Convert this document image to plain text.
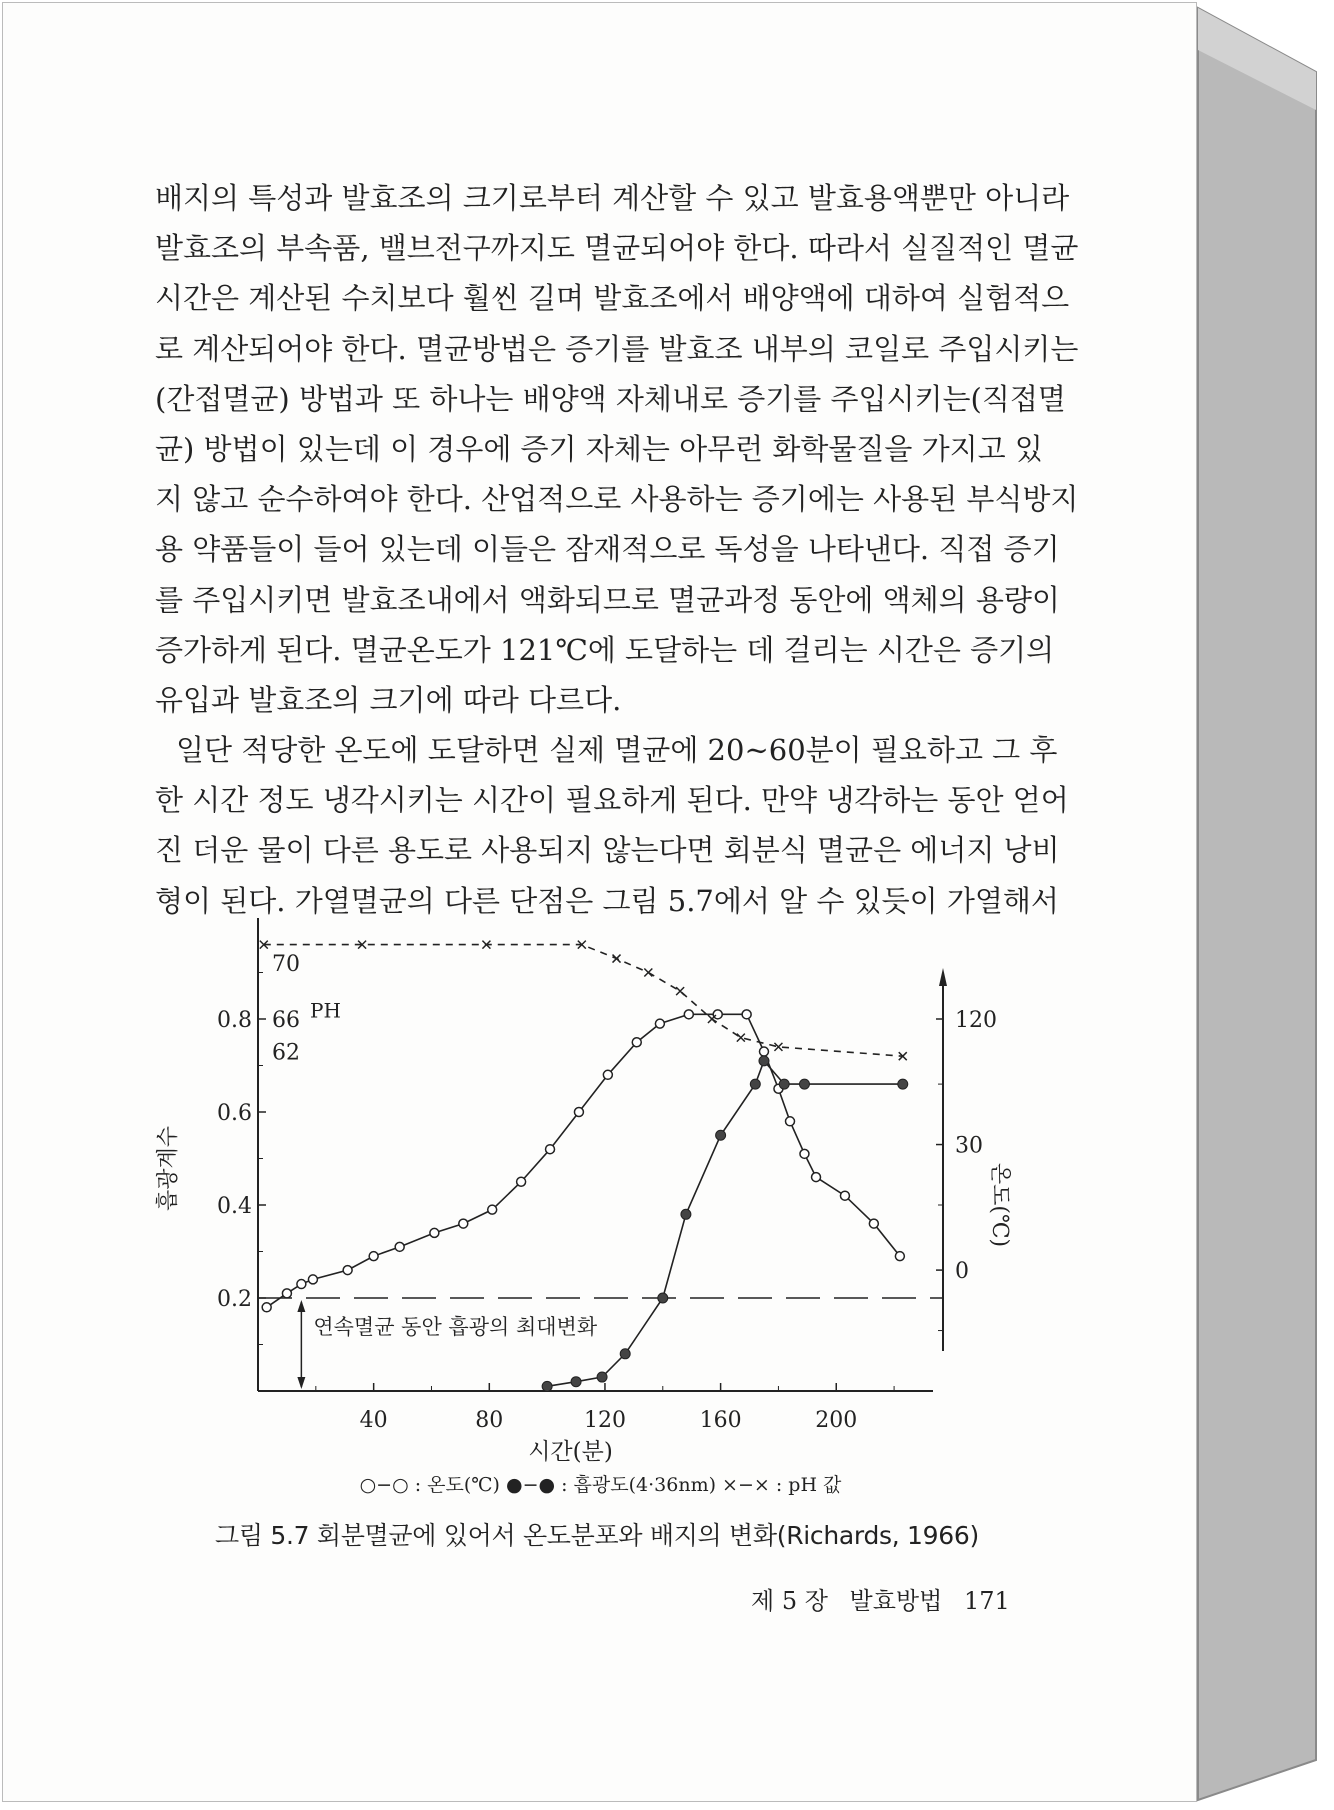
배지의 특성과 발효조의 크기로부터 계산할 수 있고 발효용액뿐만 아니라
발효조의 부속품, 밸브전구까지도 멸균되어야 한다. 따라서 실질적인 멸균
시간은 계산된 수치보다 훨씬 길며 발효조에서 배양액에 대하여 실험적으
로 계산되어야 한다. 멸균방법은 증기를 발효조 내부의 코일로 주입시키는
(간접멸균) 방법과 또 하나는 배양액 자체내로 증기를 주입시키는(직접멸
균) 방법이 있는데 이 경우에 증기 자체는 아무런 화학물질을 가지고 있
지 않고 순수하여야 한다. 산업적으로 사용하는 증기에는 사용된 부식방지
용 약품들이 들어 있는데 이들은 잠재적으로 독성을 나타낸다. 직접 증기
를 주입시키면 발효조내에서 액화되므로 멸균과정 동안에 액체의 용량이
증가하게 된다. 멸균온도가 121℃에 도달하는 데 걸리는 시간은 증기의
유입과 발효조의 크기에 따라 다르다.
일단 적당한 온도에 도달하면 실제 멸균에 20∼60분이 필요하고 그 후
한 시간 정도 냉각시키는 시간이 필요하게 된다. 만약 냉각하는 동안 얻어
진 더운 물이 다른 용도로 사용되지 않는다면 회분식 멸균은 에너지 낭비
형이 된다. 가열멸균의 다른 단점은 그림 5.7에서 알 수 있듯이 가열해서
0.2
0.4
0.6
0.8
62
66
70
PH
0
30
120
40	80	120	160	200
시간(분)
흡광계수	온도(℃)
연속멸균 동안 흡광의 최대변화
○−○ : 온도(℃) ●−● : 흡광도(4·36nm) ×−× : pH 값
그림 5.7 회분멸균에 있어서 온도분포와 배지의 변화(Richards, 1966)
제 5 장 발효방법 171
